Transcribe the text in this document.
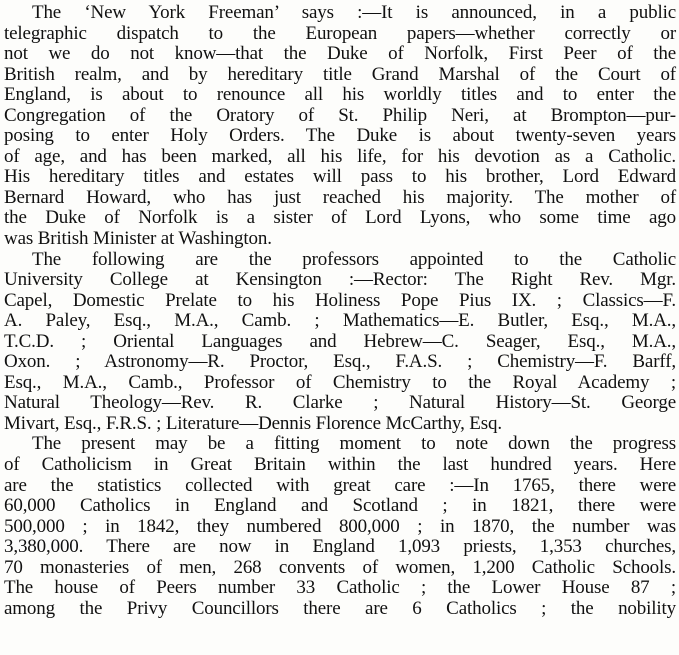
The ‘New York Freeman’ says :—It is announced, in a public
telegraphic dispatch to the European papers—whether correctly or
not we do not know—that the Duke of Norfolk, First Peer of the
British realm, and by hereditary title Grand Marshal of the Court of
England, is about to renounce all his worldly titles and to enter the
Congregation of the Oratory of St. Philip Neri, at Brompton—pur-
posing to enter Holy Orders. The Duke is about twenty-seven years
of age, and has been marked, all his life, for his devotion as a Catholic.
His hereditary titles and estates will pass to his brother, Lord Edward
Bernard Howard, who has just reached his majority. The mother of
the Duke of Norfolk is a sister of Lord Lyons, who some time ago
was British Minister at Washington.
The following are the professors appointed to the Catholic
University College at Kensington :—Rector: The Right Rev. Mgr.
Capel, Domestic Prelate to his Holiness Pope Pius IX. ; Classics—F.
A. Paley, Esq., M.A., Camb. ; Mathematics—E. Butler, Esq., M.A.,
T.C.D. ; Oriental Languages and Hebrew—C. Seager, Esq., M.A.,
Oxon. ; Astronomy—R. Proctor, Esq., F.A.S. ; Chemistry—F. Barff,
Esq., M.A., Camb., Professor of Chemistry to the Royal Academy ;
Natural Theology—Rev. R. Clarke ; Natural History—St. George
Mivart, Esq., F.R.S. ; Literature—Dennis Florence McCarthy, Esq.
The present may be a fitting moment to note down the progress
of Catholicism in Great Britain within the last hundred years. Here
are the statistics collected with great care :—In 1765, there were
60,000 Catholics in England and Scotland ; in 1821, there were
500,000 ; in 1842, they numbered 800,000 ; in 1870, the number was
3,380,000. There are now in England 1,093 priests, 1,353 churches,
70 monasteries of men, 268 convents of women, 1,200 Catholic Schools.
The house of Peers number 33 Catholic ; the Lower House 87 ;
among the Privy Councillors there are 6 Catholics ; the nobility
